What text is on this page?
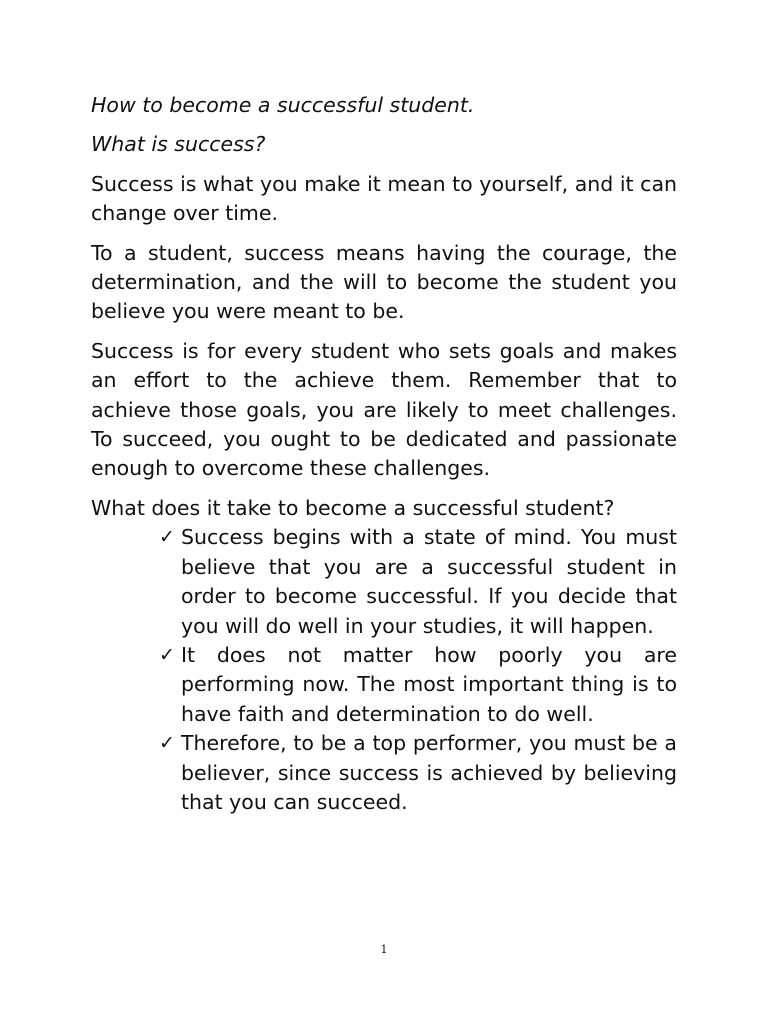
How to become a successful student.

What is success?

Success is what you make it mean to yourself, and it can change over time.

To a student, success means having the courage, the determination, and the will to become the student you believe you were meant to be.

Success is for every student who sets goals and makes an effort to the achieve them. Remember that to achieve those goals, you are likely to meet challenges. To succeed, you ought to be dedicated and passionate enough to overcome these challenges.

What does it take to become a successful student?

✓ Success begins with a state of mind. You must believe that you are a successful student in order to become successful. If you decide that you will do well in your studies, it will happen.
✓ It does not matter how poorly you are performing now. The most important thing is to have faith and determination to do well.
✓ Therefore, to be a top performer, you must be a believer, since success is achieved by believing that you can succeed.
1
